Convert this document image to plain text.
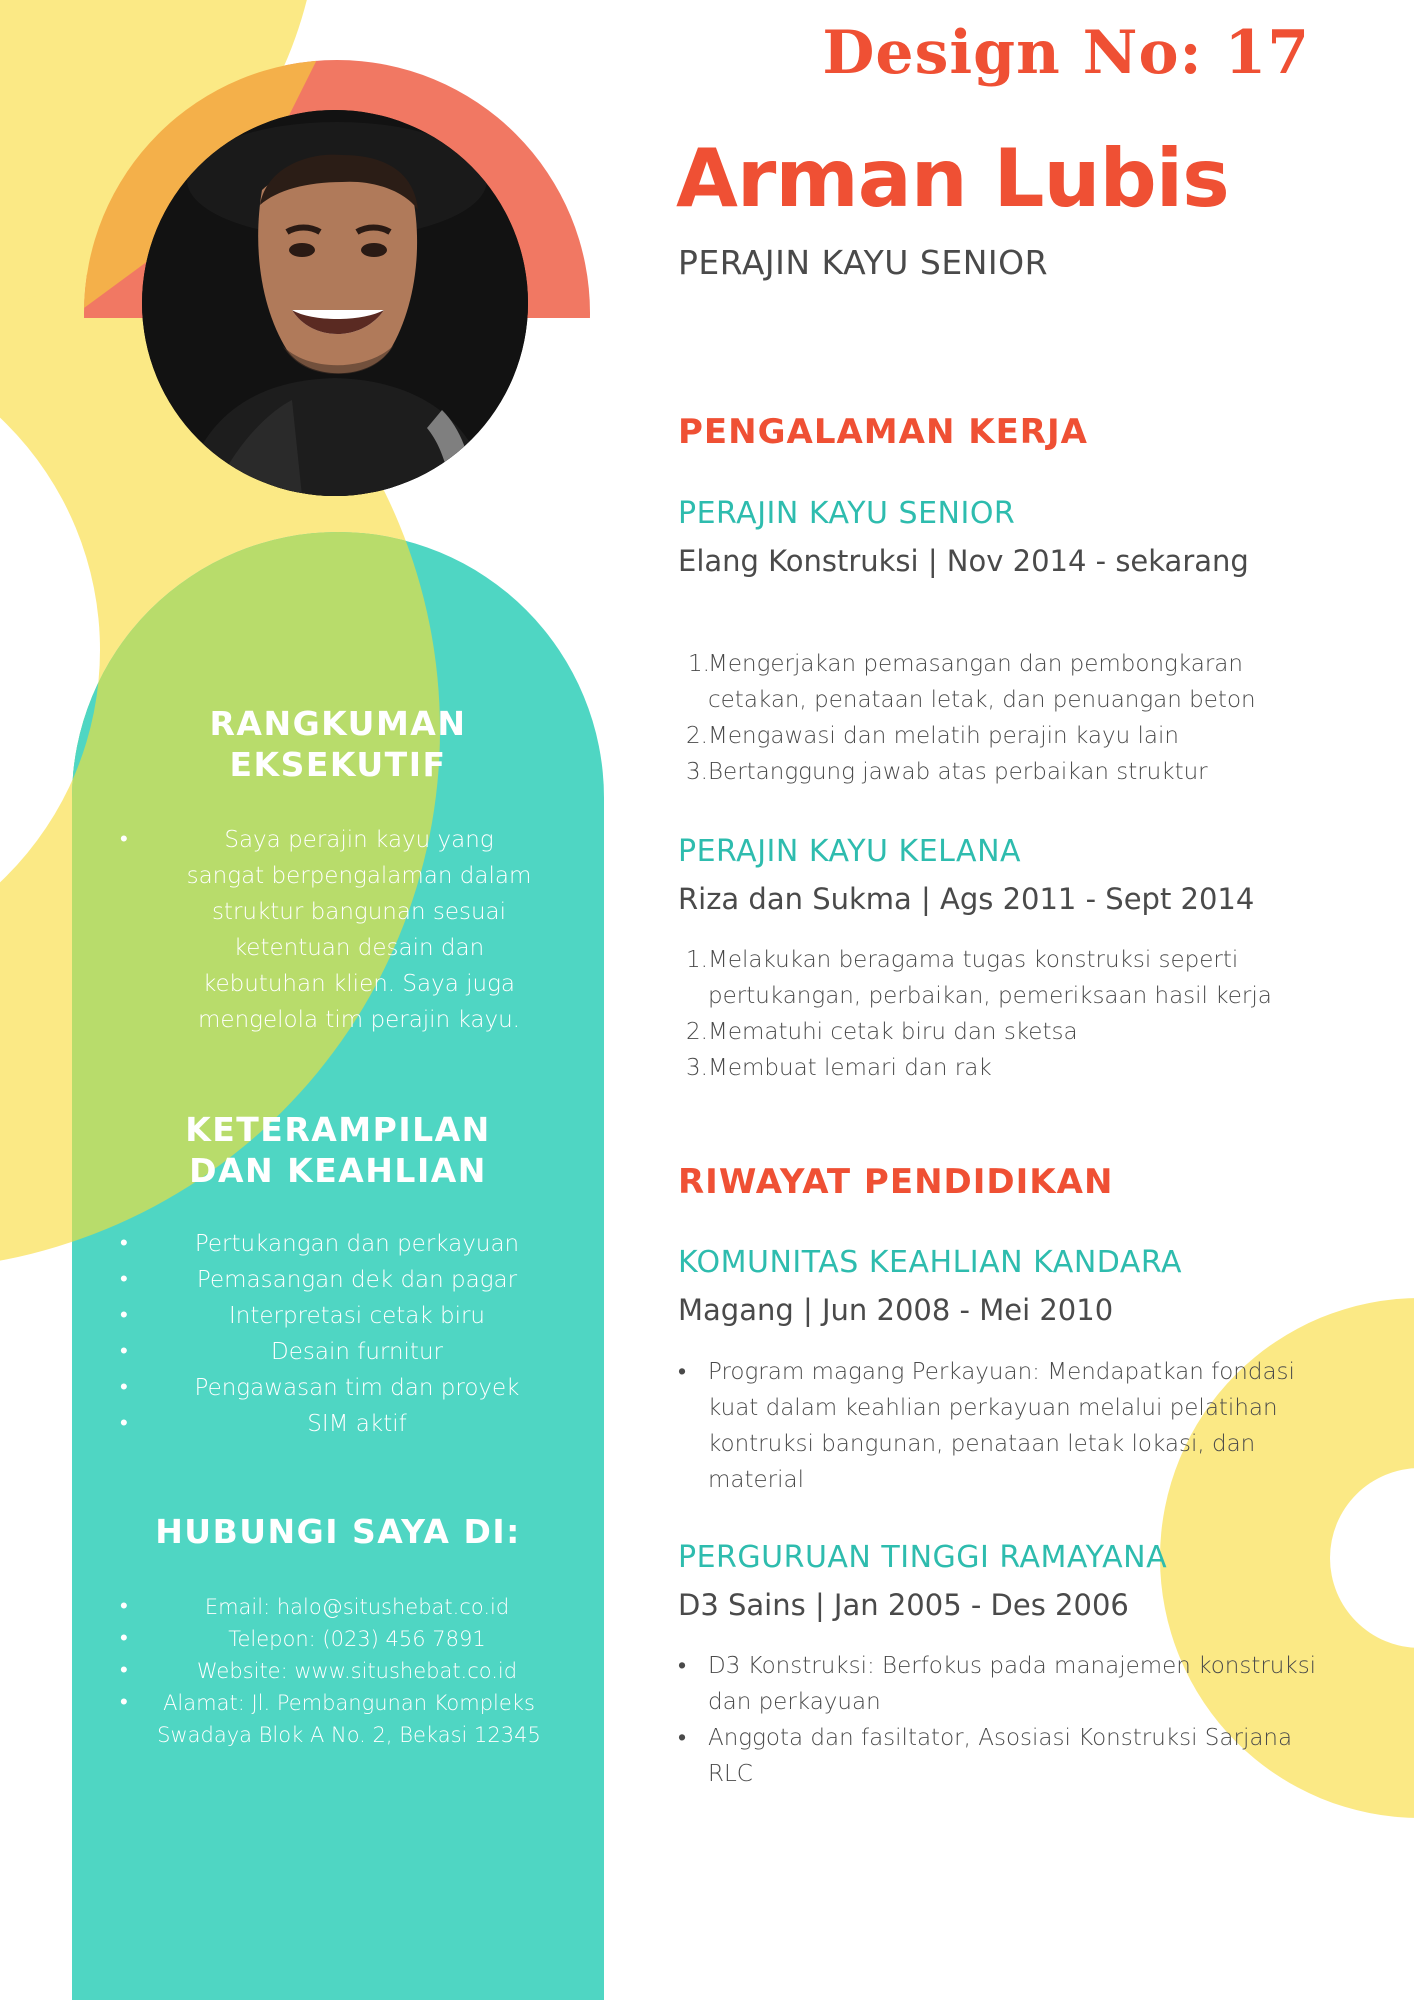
Design No: 17
Arman Lubis
PERAJIN KAYU SENIOR
RANGKUMAN EKSEKUTIF
• Saya perajin kayu yang sangat berpengalaman dalam struktur bangunan sesuai ketentuan desain dan kebutuhan klien. Saya juga mengelola tim perajin kayu.
KETERAMPILAN DAN KEAHLIAN
• Pertukangan dan perkayuan
• Pemasangan dek dan pagar
• Interpretasi cetak biru
• Desain furnitur
• Pengawasan tim dan proyek
• SIM aktif
HUBUNGI SAYA DI:
• Email: halo@situshebat.co.id
• Telepon: (023) 456 7891
• Website: www.situshebat.co.id
• Alamat: Jl. Pembangunan Kompleks Swadaya Blok A No. 2, Bekasi 12345
PENGALAMAN KERJA
PERAJIN KAYU SENIOR
Elang Konstruksi | Nov 2014 - sekarang
1.
Mengerjakan pemasangan dan pembongkaran cetakan, penataan letak, dan penuangan beton
2. Mengawasi dan melatih perajin kayu lain
3. Bertanggung jawab atas perbaikan struktur
PERAJIN KAYU KELANA
Riza dan Sukma | Ags 2011 - Sept 2014
1. Melakukan beragama tugas konstruksi seperti pertukangan, perbaikan, pemeriksaan hasil kerja
2. Mematuhi cetak biru dan sketsa
3. Membuat lemari dan rak
RIWAYAT PENDIDIKAN
KOMUNITAS KEAHLIAN KANDARA
Magang | Jun 2008 - Mei 2010
• Program magang Perkayuan: Mendapatkan fondasi kuat dalam keahlian perkayuan melalui pelatihan kontruksi bangunan, penataan letak lokasi, dan material
PERGURUAN TINGGI RAMAYANA
D3 Sains | Jan 2005 - Des 2006
• D3 Konstruksi: Berfokus pada manajemen konstruksi dan perkayuan
• Anggota dan fasiltator, Asosiasi Konstruksi Sarjana RLC
